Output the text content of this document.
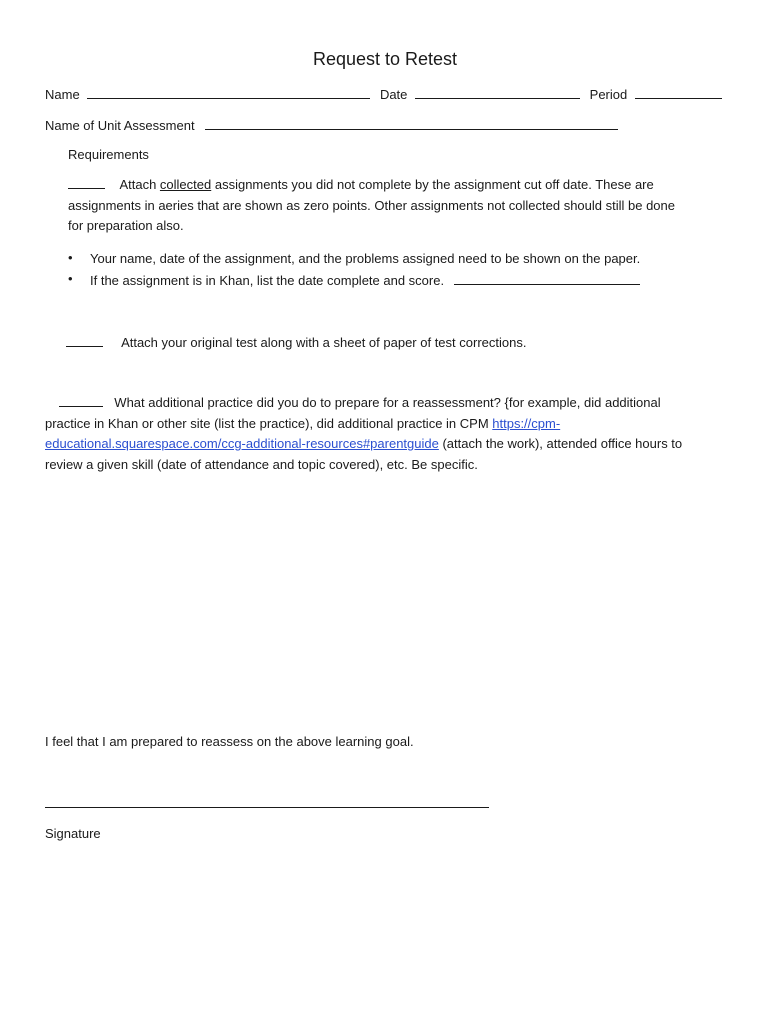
Request to Retest
Name	Date	Period
Name of Unit Assessment
Requirements
Attach collected assignments you did not complete by the assignment cut off date. These are
assignments in aeries that are shown as zero points. Other assignments not collected should still be done
for preparation also.
• Your name, date of the assignment, and the problems assigned need to be shown on the paper.
• If the assignment is in Khan, list the date complete and score.
Attach your original test along with a sheet of paper of test corrections.
What additional practice did you do to prepare for a reassessment? {for example, did additional
practice in Khan or other site (list the practice), did additional practice in CPM https://cpm-
educational.squarespace.com/ccg-additional-resources#parentguide (attach the work), attended office hours to
review a given skill (date of attendance and topic covered), etc. Be specific.
I feel that I am prepared to reassess on the above learning goal.
Signature
